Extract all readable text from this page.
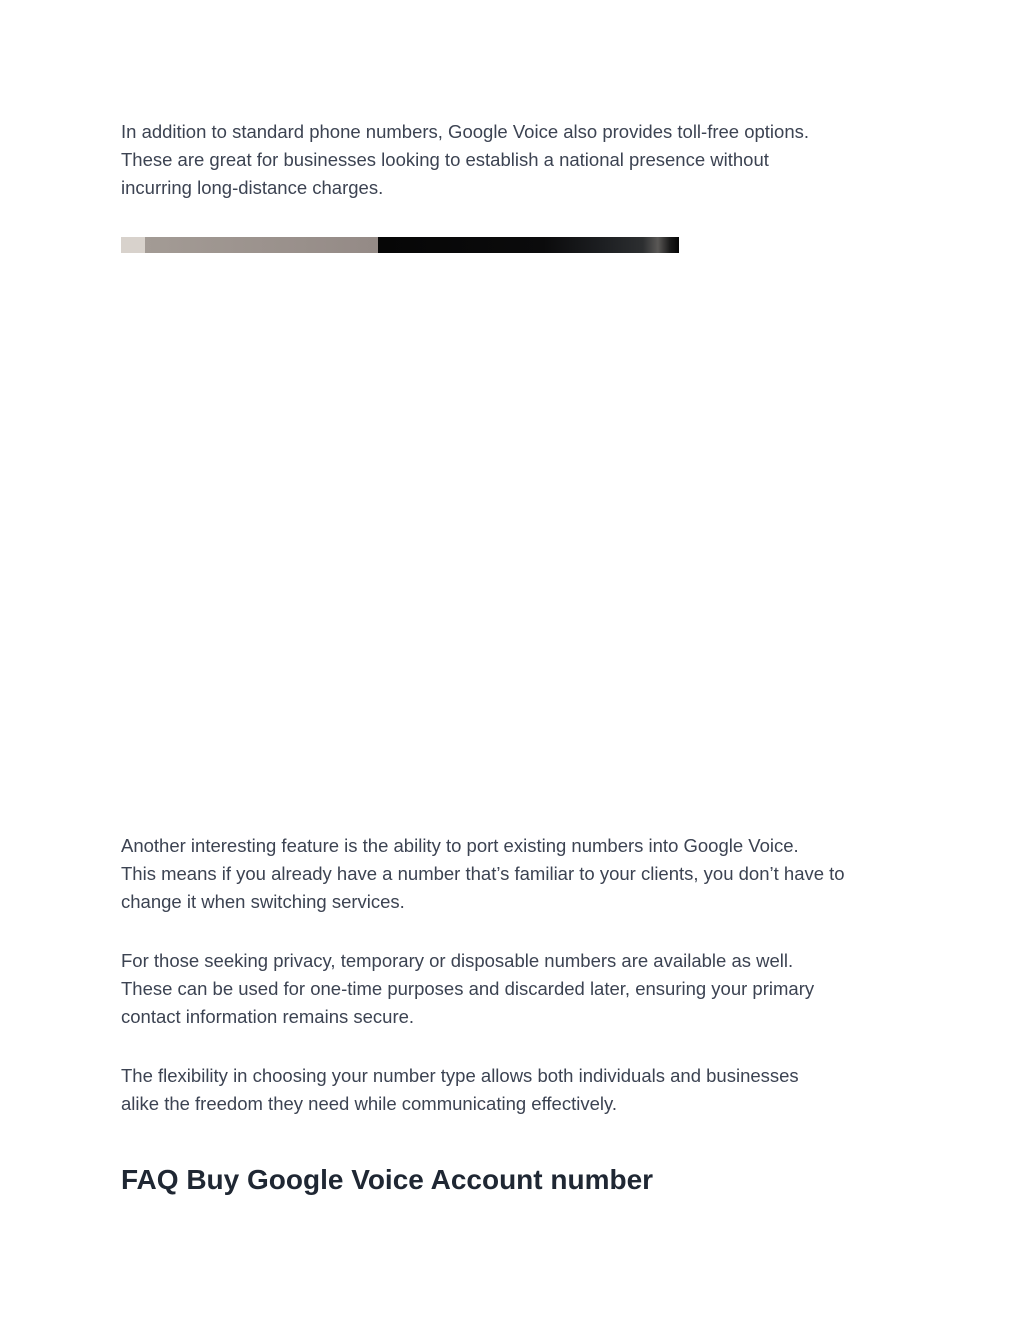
In addition to standard phone numbers, Google Voice also provides toll-free options.
These are great for businesses looking to establish a national presence without
incurring long-distance charges.

Another interesting feature is the ability to port existing numbers into Google Voice.
This means if you already have a number that’s familiar to your clients, you don’t have to
change it when switching services.

For those seeking privacy, temporary or disposable numbers are available as well.
These can be used for one-time purposes and discarded later, ensuring your primary
contact information remains secure.

The flexibility in choosing your number type allows both individuals and businesses
alike the freedom they need while communicating effectively.

FAQ Buy Google Voice Account number
